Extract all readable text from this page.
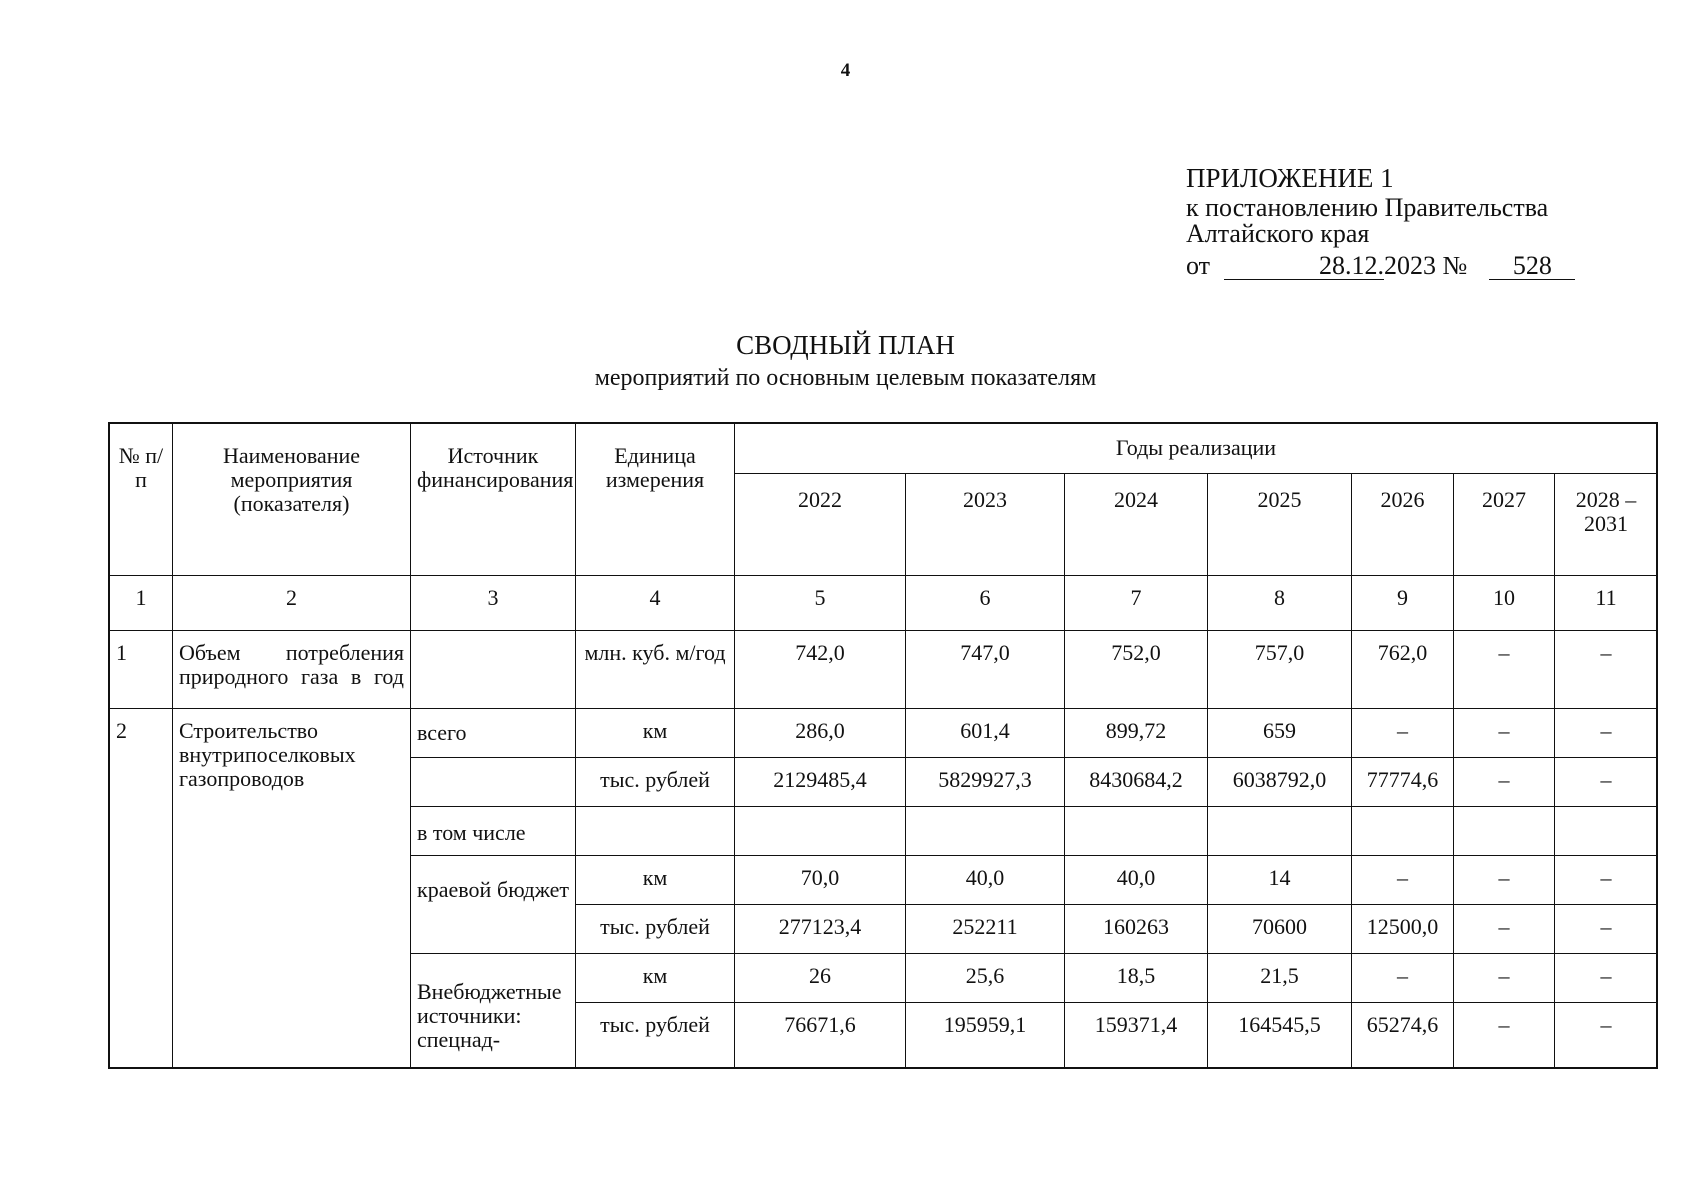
4
ПРИЛОЖЕНИЕ 1
к постановлению Правительства
Алтайского края
от	28.12.2023 № 528
СВОДНЫЙ ПЛАН
мероприятий по основным целевым показателям
№ п/п	Наименование мероприятия (показателя)	Источник финансирования	Единица измерения	Годы реализации						
				2022	2023	2024	2025	2026	2027	2028 – 2031
1	2	3	4	5	6	7	8	9	10	11
1	Объем потребления природного газа в год		млн. куб. м/год	742,0	747,0	752,0	757,0	762,0	–	–
2	Строительство внутрипоселковых газопроводов	всего	км	286,0	601,4	899,72	659	–	–	–
			тыс. рублей	2129485,4	5829927,3	8430684,2	6038792,0	77774,6	–	–
		в том числе								
		краевой бюджет	км	70,0	40,0	40,0	14	–	–	–
			тыс. рублей	277123,4	252211	160263	70600	12500,0	–	–
		Внебюджетные источники: спецнад-	км	26	25,6	18,5	21,5	–	–	–
			тыс. рублей	76671,6	195959,1	159371,4	164545,5	65274,6	–	–
